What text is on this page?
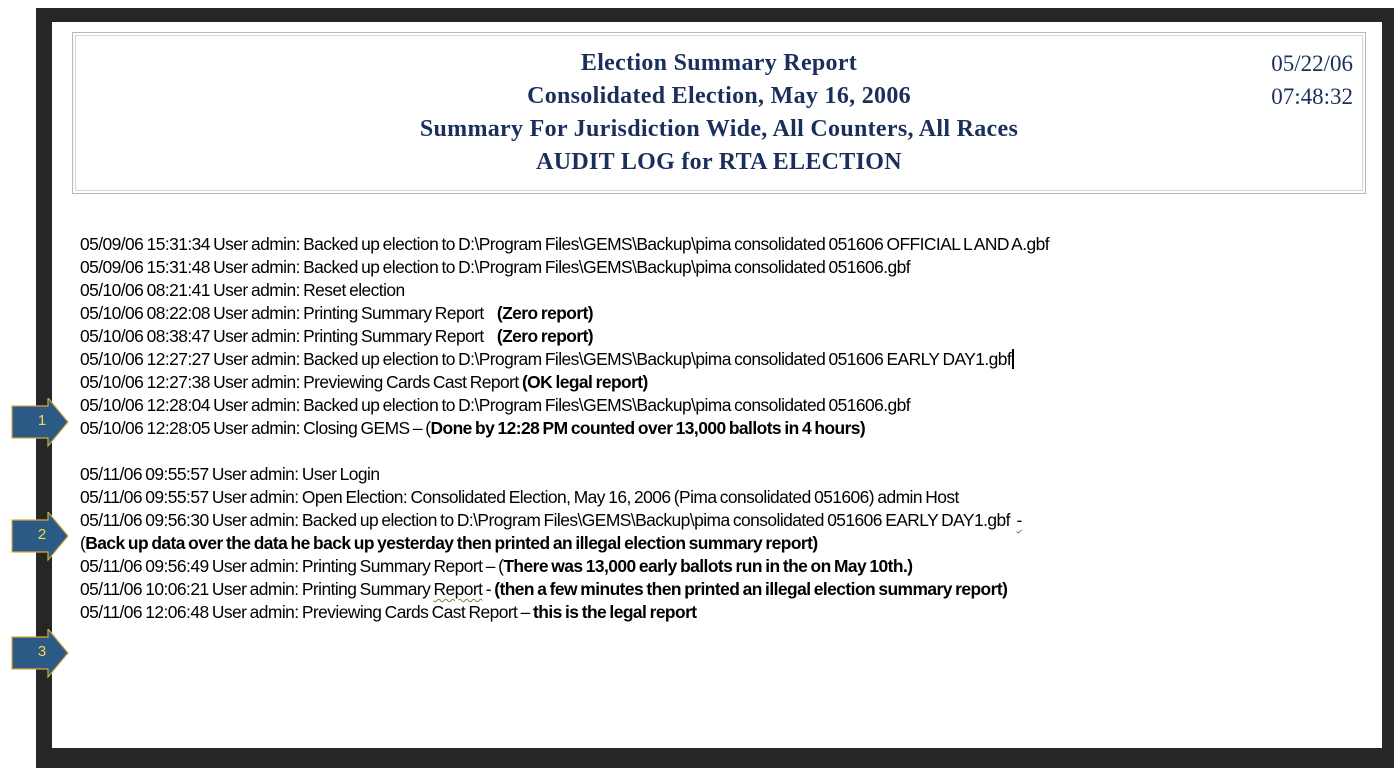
Election Summary Report
Consolidated Election, May 16, 2006
Summary For Jurisdiction Wide, All Counters, All Races
AUDIT LOG for RTA ELECTION
05/22/06
07:48:32
05/09/06 15:31:34 User admin: Backed up election to D:\Program Files\GEMS\Backup\pima consolidated 051606 OFFICIAL L AND A.gbf
05/09/06 15:31:48 User admin: Backed up election to D:\Program Files\GEMS\Backup\pima consolidated 051606.gbf
05/10/06 08:21:41 User admin: Reset election
05/10/06 08:22:08 User admin: Printing Summary Report (Zero report)
05/10/06 08:38:47 User admin: Printing Summary Report (Zero report)
05/10/06 12:27:27 User admin: Backed up election to D:\Program Files\GEMS\Backup\pima consolidated 051606 EARLY DAY1.gbf
05/10/06 12:27:38 User admin: Previewing Cards Cast Report (OK legal report)
05/10/06 12:28:04 User admin: Backed up election to D:\Program Files\GEMS\Backup\pima consolidated 051606.gbf
05/10/06 12:28:05 User admin: Closing GEMS – (Done by 12:28 PM counted over 13,000 ballots in 4 hours)
05/11/06 09:55:57 User admin: User Login
05/11/06 09:55:57 User admin: Open Election: Consolidated Election, May 16, 2006 (Pima consolidated 051606) admin Host
05/11/06 09:56:30 User admin: Backed up election to D:\Program Files\GEMS\Backup\pima consolidated 051606 EARLY DAY1.gbf -
(Back up data over the data he back up yesterday then printed an illegal election summary report)
05/11/06 09:56:49 User admin: Printing Summary Report – (There was 13,000 early ballots run in the on May 10th.)
05/11/06 10:06:21 User admin: Printing Summary Report - (then a few minutes then printed an illegal election summary report)
05/11/06 12:06:48 User admin: Previewing Cards Cast Report – this is the legal report
1
2
3
